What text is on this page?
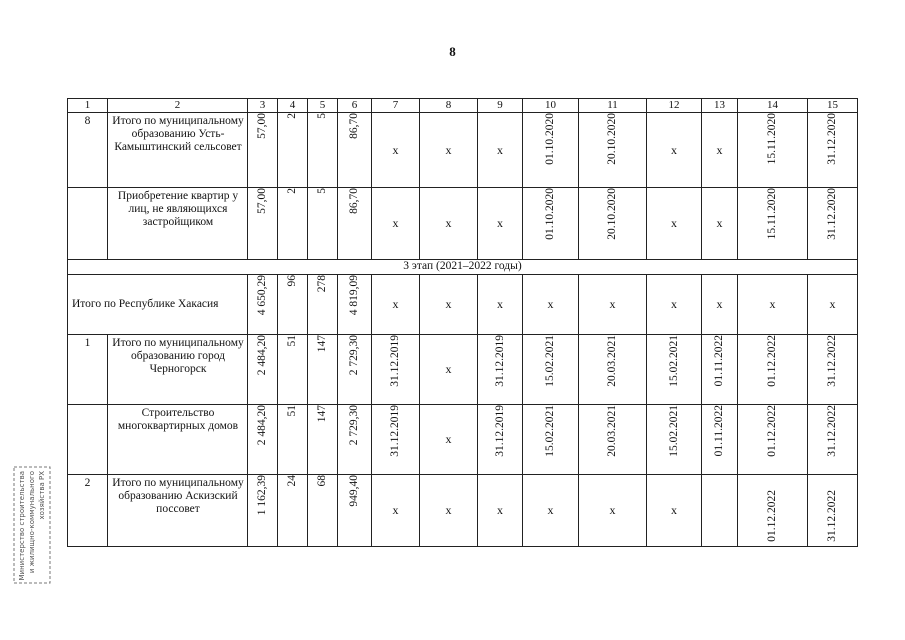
8
1	2	3	4	5	6	7	8	9	10	11	12	13	14	15
8	Итого по муниципальному образованию Усть-Камыштинский сельсовет	57,00	2	5	86,70	x	x	x	01.10.2020	20.10.2020	x	x	15.11.2020	31.12.2020

	Приобретение квартир у лиц, не являющихся застройщиком	57,00	2	5	86,70	x	x	x	01.10.2020	20.10.2020	x	x	15.11.2020	31.12.2020

3 этап (2021–2022 годы)														
Итого по Республике Хакасия		4 650,29	96	278	4 819,09	x	x	x	x	x	x	x	x	x
1	Итого по муниципальному образованию город Черногорск	2 484,20	51	147	2 729,30	31.12.2019	x	31.12.2019	15.02.2021	20.03.2021	15.02.2021	01.11.2022	01.12.2022	31.12.2022

	Строительство многоквартирных домов	2 484,20	51	147	2 729,30	31.12.2019	x	31.12.2019	15.02.2021	20.03.2021	15.02.2021	01.11.2022	01.12.2022	31.12.2022

2	Итого по муниципальному образованию Аскизский поссовет	1 162,39	24	68	949,40	x	x	x	x	x	x		01.12.2022	31.12.2022
Министерство строительства и жилищно-коммунального хозяйства РХ
